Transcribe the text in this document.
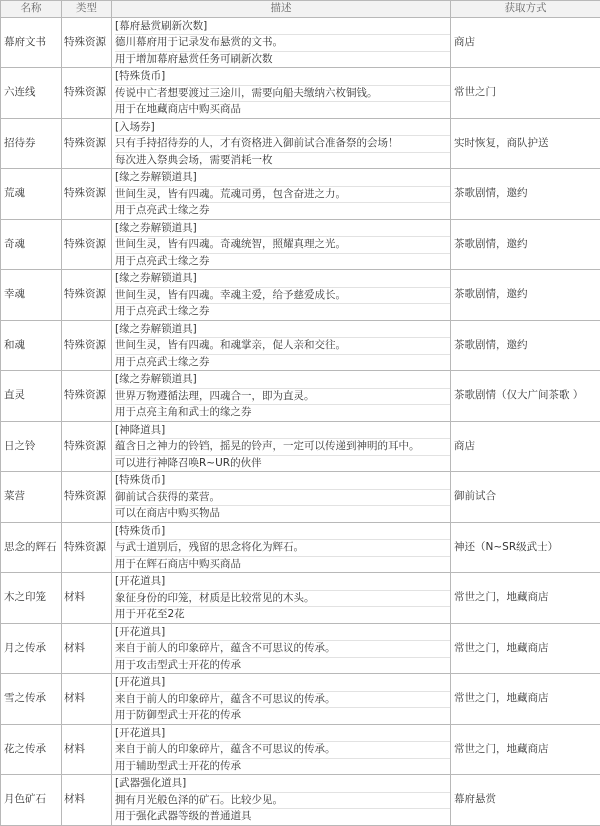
名称	类型	描述	获取方式
幕府文书	特殊资源	[幕府悬赏刷新次数]
德川幕府用于记录发布悬赏的文书。
用于增加幕府悬赏任务可刷新次数	商店
六连线	特殊资源	[特殊货币]
传说中亡者想要渡过三途川，需要向船夫缴纳六枚铜钱。
用于在地藏商店中购买商品	常世之门
招待券	特殊资源	[入场券]
只有手持招待券的人，才有资格进入御前试合准备祭的会场！
每次进入祭典会场，需要消耗一枚	实时恢复，商队护送
荒魂	特殊资源	[缘之券解锁道具]
世间生灵，皆有四魂。荒魂司勇，包含奋进之力。
用于点亮武士缘之券	茶歌剧情，邀约
奇魂	特殊资源	[缘之券解锁道具]
世间生灵，皆有四魂。奇魂统智，照耀真理之光。
用于点亮武士缘之券	茶歌剧情，邀约
幸魂	特殊资源	[缘之券解锁道具]
世间生灵，皆有四魂。幸魂主爱，给予慈爱成长。
用于点亮武士缘之券	茶歌剧情，邀约
和魂	特殊资源	[缘之券解锁道具]
世间生灵，皆有四魂。和魂掌亲，促人亲和交往。
用于点亮武士缘之券	茶歌剧情，邀约
直灵	特殊资源	[缘之券解锁道具]
世界万物遵循法理，四魂合一，即为直灵。
用于点亮主角和武士的缘之券	茶歌剧情（仅大广间茶歌 ）
日之铃	特殊资源	[神降道具]
蕴含日之神力的铃铛，摇晃的铃声，一定可以传递到神明的耳中。
可以进行神降召唤R~UR的伙伴	商店
菜营	特殊资源	[特殊货币]
御前试合获得的菜营。
可以在商店中购买物品	御前试合
思念的辉石	特殊资源	[特殊货币]
与武士道别后，残留的思念将化为辉石。
用于在辉石商店中购买商品	神还（N~SR级武士）
木之印笼	材料	[开花道具]
象征身份的印笼，材质是比较常见的木头。
用于开花至2花	常世之门，地藏商店
月之传承	材料	[开花道具]
来自于前人的印象碎片，蕴含不可思议的传承。
用于攻击型武士开花的传承	常世之门，地藏商店
雪之传承	材料	[开花道具]
来自于前人的印象碎片，蕴含不可思议的传承。
用于防御型武士开花的传承	常世之门，地藏商店
花之传承	材料	[开花道具]
来自于前人的印象碎片，蕴含不可思议的传承。
用于辅助型武士开花的传承	常世之门，地藏商店
月色矿石	材料	[武器强化道具]
拥有月光般色泽的矿石。比较少见。
用于强化武器等级的普通道具	幕府悬赏
